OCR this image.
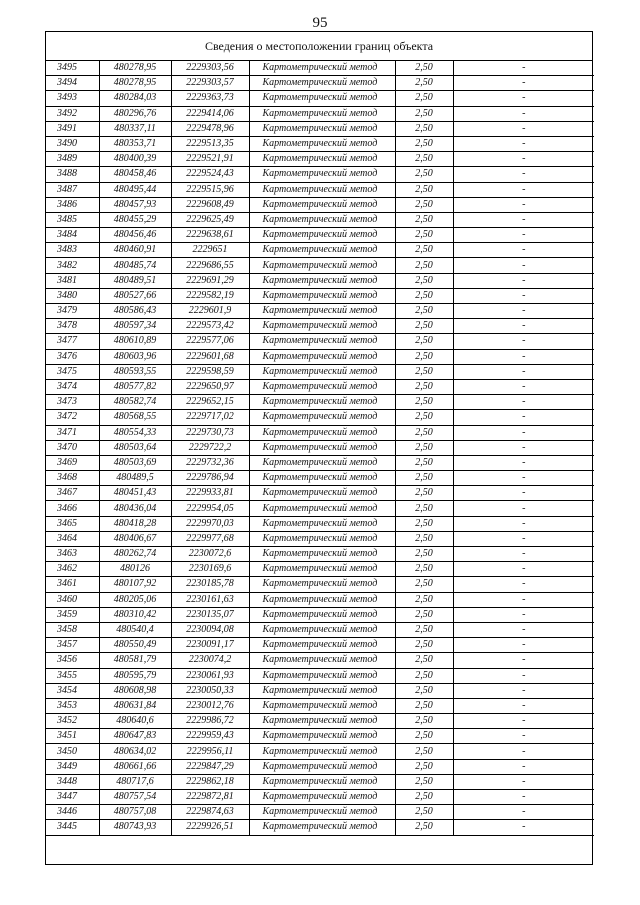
95
Сведения о местоположении границ объекта
3495	480278,95	2229303,56	Картометрический метод	2,50	-
3494	480278,95	2229303,57	Картометрический метод	2,50	-
3493	480284,03	2229363,73	Картометрический метод	2,50	-
3492	480296,76	2229414,06	Картометрический метод	2,50	-
3491	480337,11	2229478,96	Картометрический метод	2,50	-
3490	480353,71	2229513,35	Картометрический метод	2,50	-
3489	480400,39	2229521,91	Картометрический метод	2,50	-
3488	480458,46	2229524,43	Картометрический метод	2,50	-
3487	480495,44	2229515,96	Картометрический метод	2,50	-
3486	480457,93	2229608,49	Картометрический метод	2,50	-
3485	480455,29	2229625,49	Картометрический метод	2,50	-
3484	480456,46	2229638,61	Картометрический метод	2,50	-
3483	480460,91	2229651	Картометрический метод	2,50	-
3482	480485,74	2229686,55	Картометрический метод	2,50	-
3481	480489,51	2229691,29	Картометрический метод	2,50	-
3480	480527,66	2229582,19	Картометрический метод	2,50	-
3479	480586,43	2229601,9	Картометрический метод	2,50	-
3478	480597,34	2229573,42	Картометрический метод	2,50	-
3477	480610,89	2229577,06	Картометрический метод	2,50	-
3476	480603,96	2229601,68	Картометрический метод	2,50	-
3475	480593,55	2229598,59	Картометрический метод	2,50	-
3474	480577,82	2229650,97	Картометрический метод	2,50	-
3473	480582,74	2229652,15	Картометрический метод	2,50	-
3472	480568,55	2229717,02	Картометрический метод	2,50	-
3471	480554,33	2229730,73	Картометрический метод	2,50	-
3470	480503,64	2229722,2	Картометрический метод	2,50	-
3469	480503,69	2229732,36	Картометрический метод	2,50	-
3468	480489,5	2229786,94	Картометрический метод	2,50	-
3467	480451,43	2229933,81	Картометрический метод	2,50	-
3466	480436,04	2229954,05	Картометрический метод	2,50	-
3465	480418,28	2229970,03	Картометрический метод	2,50	-
3464	480406,67	2229977,68	Картометрический метод	2,50	-
3463	480262,74	2230072,6	Картометрический метод	2,50	-
3462	480126	2230169,6	Картометрический метод	2,50	-
3461	480107,92	2230185,78	Картометрический метод	2,50	-
3460	480205,06	2230161,63	Картометрический метод	2,50	-
3459	480310,42	2230135,07	Картометрический метод	2,50	-
3458	480540,4	2230094,08	Картометрический метод	2,50	-
3457	480550,49	2230091,17	Картометрический метод	2,50	-
3456	480581,79	2230074,2	Картометрический метод	2,50	-
3455	480595,79	2230061,93	Картометрический метод	2,50	-
3454	480608,98	2230050,33	Картометрический метод	2,50	-
3453	480631,84	2230012,76	Картометрический метод	2,50	-
3452	480640,6	2229986,72	Картометрический метод	2,50	-
3451	480647,83	2229959,43	Картометрический метод	2,50	-
3450	480634,02	2229956,11	Картометрический метод	2,50	-
3449	480661,66	2229847,29	Картометрический метод	2,50	-
3448	480717,6	2229862,18	Картометрический метод	2,50	-
3447	480757,54	2229872,81	Картометрический метод	2,50	-
3446	480757,08	2229874,63	Картометрический метод	2,50	-
3445	480743,93	2229926,51	Картометрический метод	2,50	-
